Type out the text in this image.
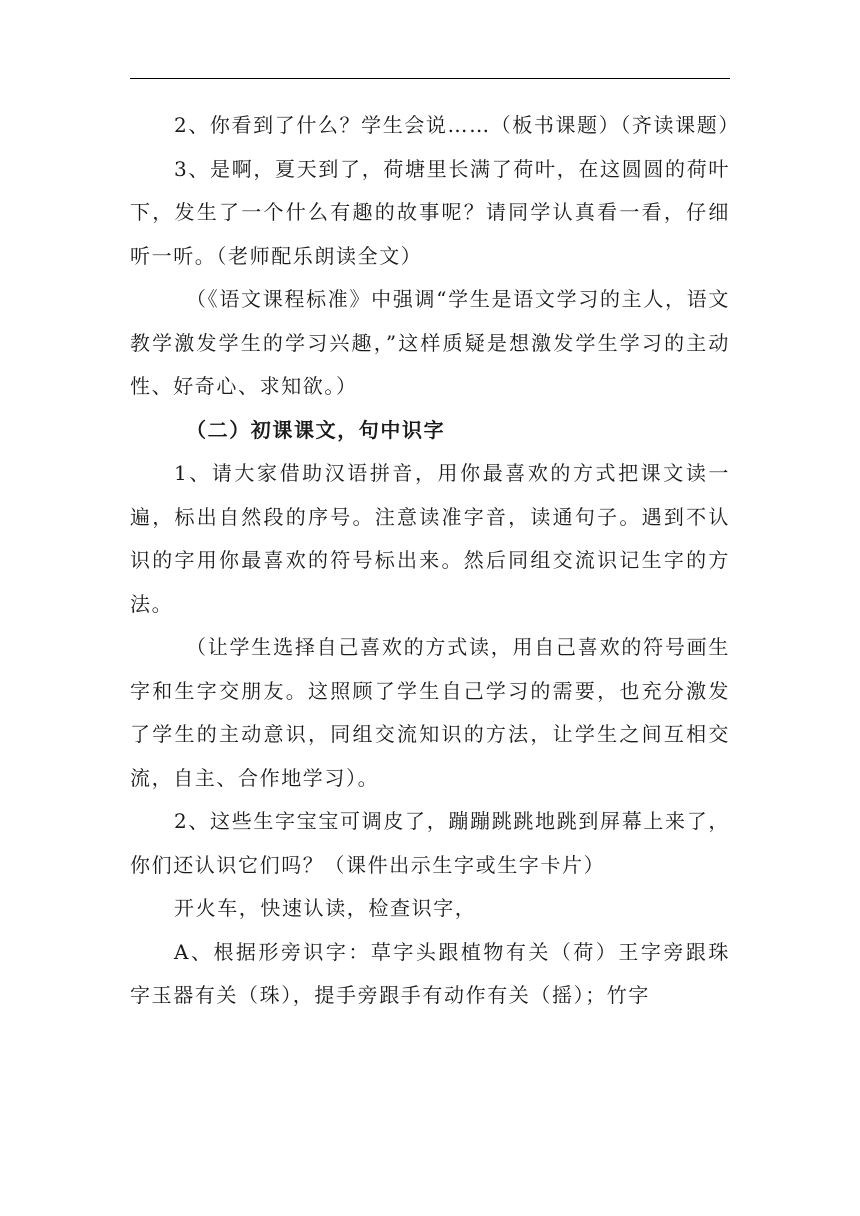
2、你看到了什么？学生会说……（板书课题）（齐读课题）

3、是啊，夏天到了，荷塘里长满了荷叶，在这圆圆的荷叶下，发生了一个什么有趣的故事呢？请同学认真看一看，仔细听一听。（老师配乐朗读全文）

（《语文课程标准》中强调“学生是语文学习的主人，语文教学激发学生的学习兴趣，”这样质疑是想激发学生学习的主动性、好奇心、求知欲。）

（二）初课课文，句中识字

1、请大家借助汉语拼音，用你最喜欢的方式把课文读一遍，标出自然段的序号。注意读准字音，读通句子。遇到不认识的字用你最喜欢的符号标出来。然后同组交流识记生字的方法。

（让学生选择自己喜欢的方式读，用自己喜欢的符号画生字和生字交朋友。这照顾了学生自己学习的需要，也充分激发了学生的主动意识，同组交流知识的方法，让学生之间互相交流，自主、合作地学习）。

2、这些生字宝宝可调皮了，蹦蹦跳跳地跳到屏幕上来了，你们还认识它们吗？（课件出示生字或生字卡片）

开火车，快速认读，检查识字，

A、根据形旁识字：草字头跟植物有关（荷）王字旁跟珠字玉器有关（珠），提手旁跟手有动作有关（摇）；竹字
